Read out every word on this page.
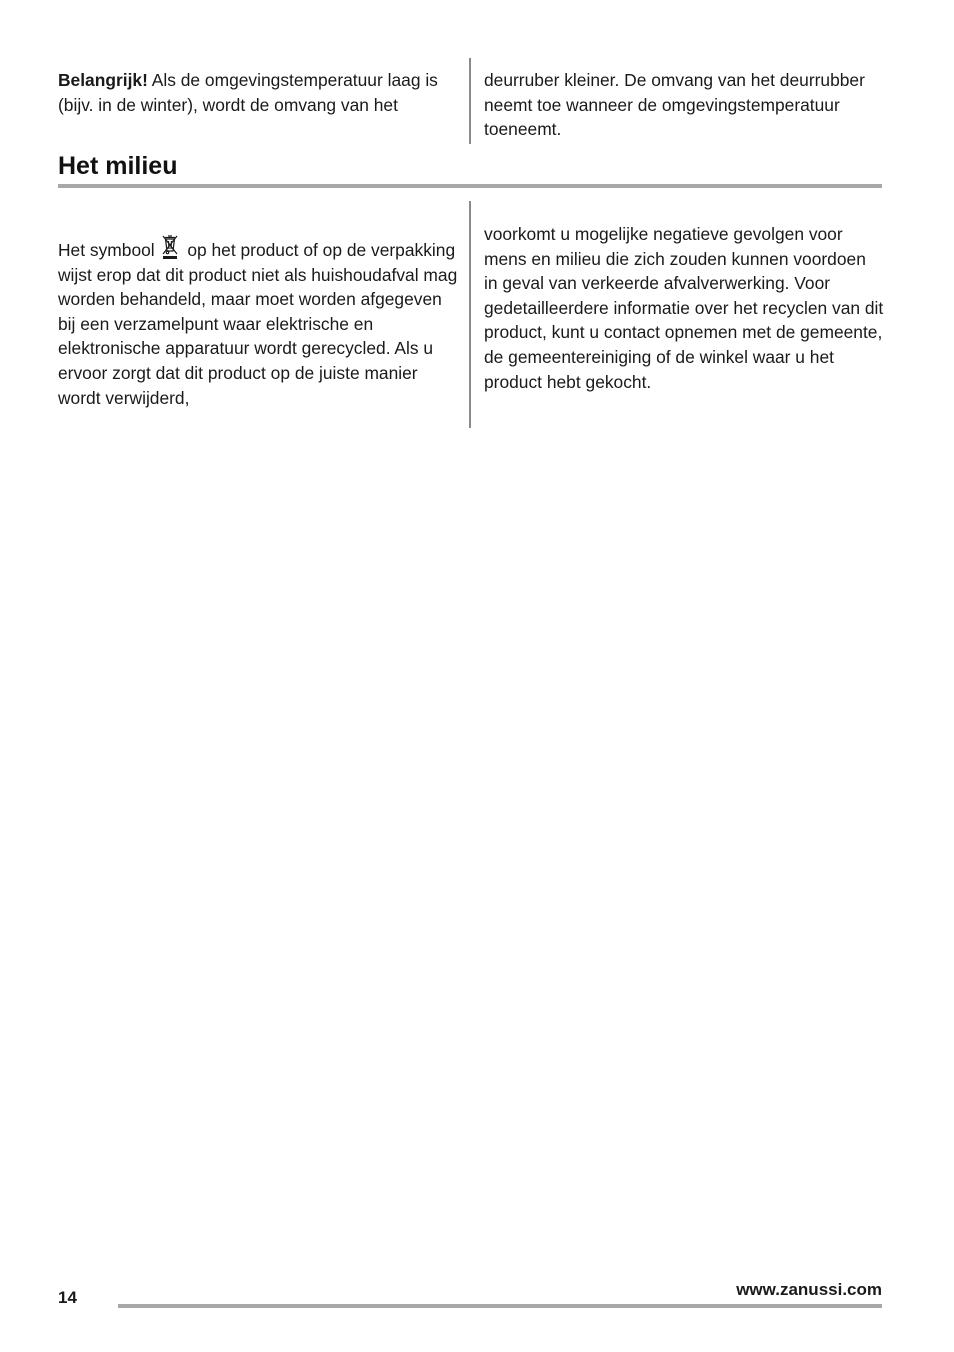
Belangrijk! Als de omgevingstemperatuur laag is (bijv. in de winter), wordt de omvang van het

deurruber kleiner. De omvang van het deurrubber neemt toe wanneer de omgevingstemperatuur toeneemt.

Het milieu

Het symbool  op het product of op de verpakking wijst erop dat dit product niet als huishoudafval mag worden behandeld, maar moet worden afgegeven bij een verzamelpunt waar elektrische en elektronische apparatuur wordt gerecycled. Als u ervoor zorgt dat dit product op de juiste manier wordt verwijderd,

voorkomt u mogelijke negatieve gevolgen voor mens en milieu die zich zouden kunnen voordoen in geval van verkeerde afvalverwerking. Voor gedetailleerdere informatie over het recyclen van dit product, kunt u contact opnemen met de gemeente, de gemeentereiniging of de winkel waar u het product hebt gekocht.

14	www.zanussi.com
